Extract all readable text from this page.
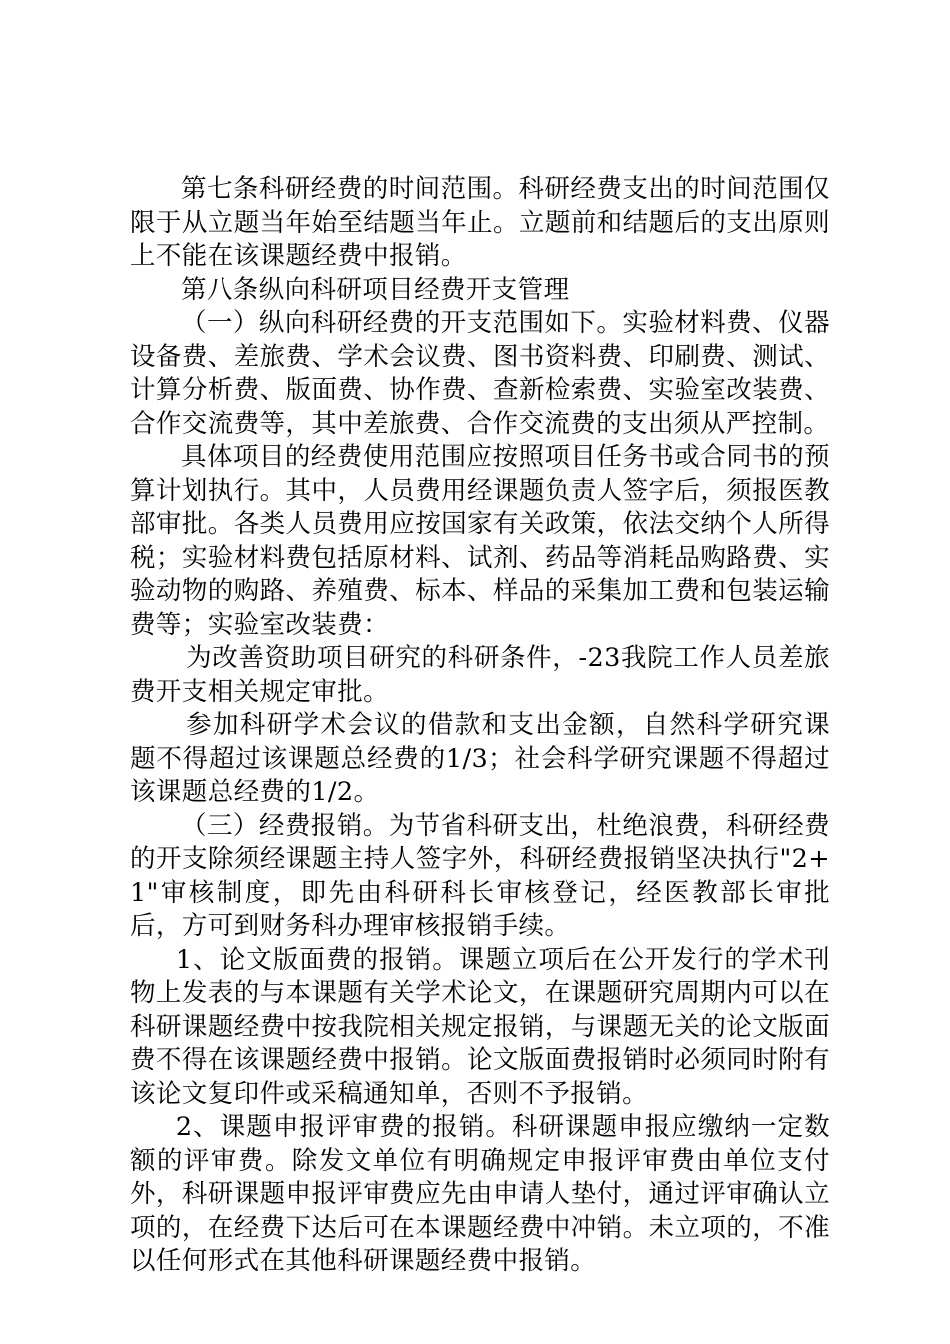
第七条科研经费的时间范围。科研经费支出的时间范围仅限于从立题当年始至结题当年止。立题前和结题后的支出原则上不能在该课题经费中报销。

第八条纵向科研项目经费开支管理

（一）纵向科研经费的开支范围如下。实验材料费、仪器设备费、差旅费、学术会议费、图书资料费、印刷费、测试、计算分析费、版面费、协作费、查新检索费、实验室改装费、合作交流费等，其中差旅费、合作交流费的支出须从严控制。

具体项目的经费使用范围应按照项目任务书或合同书的预算计划执行。其中，人员费用经课题负责人签字后，须报医教部审批。各类人员费用应按国家有关政策，依法交纳个人所得税；实验材料费包括原材料、试剂、药品等消耗品购路费、实验动物的购路、养殖费、标本、样品的采集加工费和包装运输费等；实验室改装费：

为改善资助项目研究的科研条件，-23我院工作人员差旅费开支相关规定审批。

参加科研学术会议的借款和支出金额，自然科学研究课题不得超过该课题总经费的1/3；社会科学研究课题不得超过该课题总经费的1/2。

（三）经费报销。为节省科研支出，杜绝浪费，科研经费的开支除须经课题主持人签字外，科研经费报销坚决执行"2+1"审核制度，即先由科研科长审核登记，经医教部长审批后，方可到财务科办理审核报销手续。

1、论文版面费的报销。课题立项后在公开发行的学术刊物上发表的与本课题有关学术论文，在课题研究周期内可以在科研课题经费中按我院相关规定报销，与课题无关的论文版面费不得在该课题经费中报销。论文版面费报销时必须同时附有该论文复印件或采稿通知单，否则不予报销。

2、课题申报评审费的报销。科研课题申报应缴纳一定数额的评审费。除发文单位有明确规定申报评审费由单位支付外，科研课题申报评审费应先由申请人垫付，通过评审确认立项的，在经费下达后可在本课题经费中冲销。未立项的，不准以任何形式在其他科研课题经费中报销。
